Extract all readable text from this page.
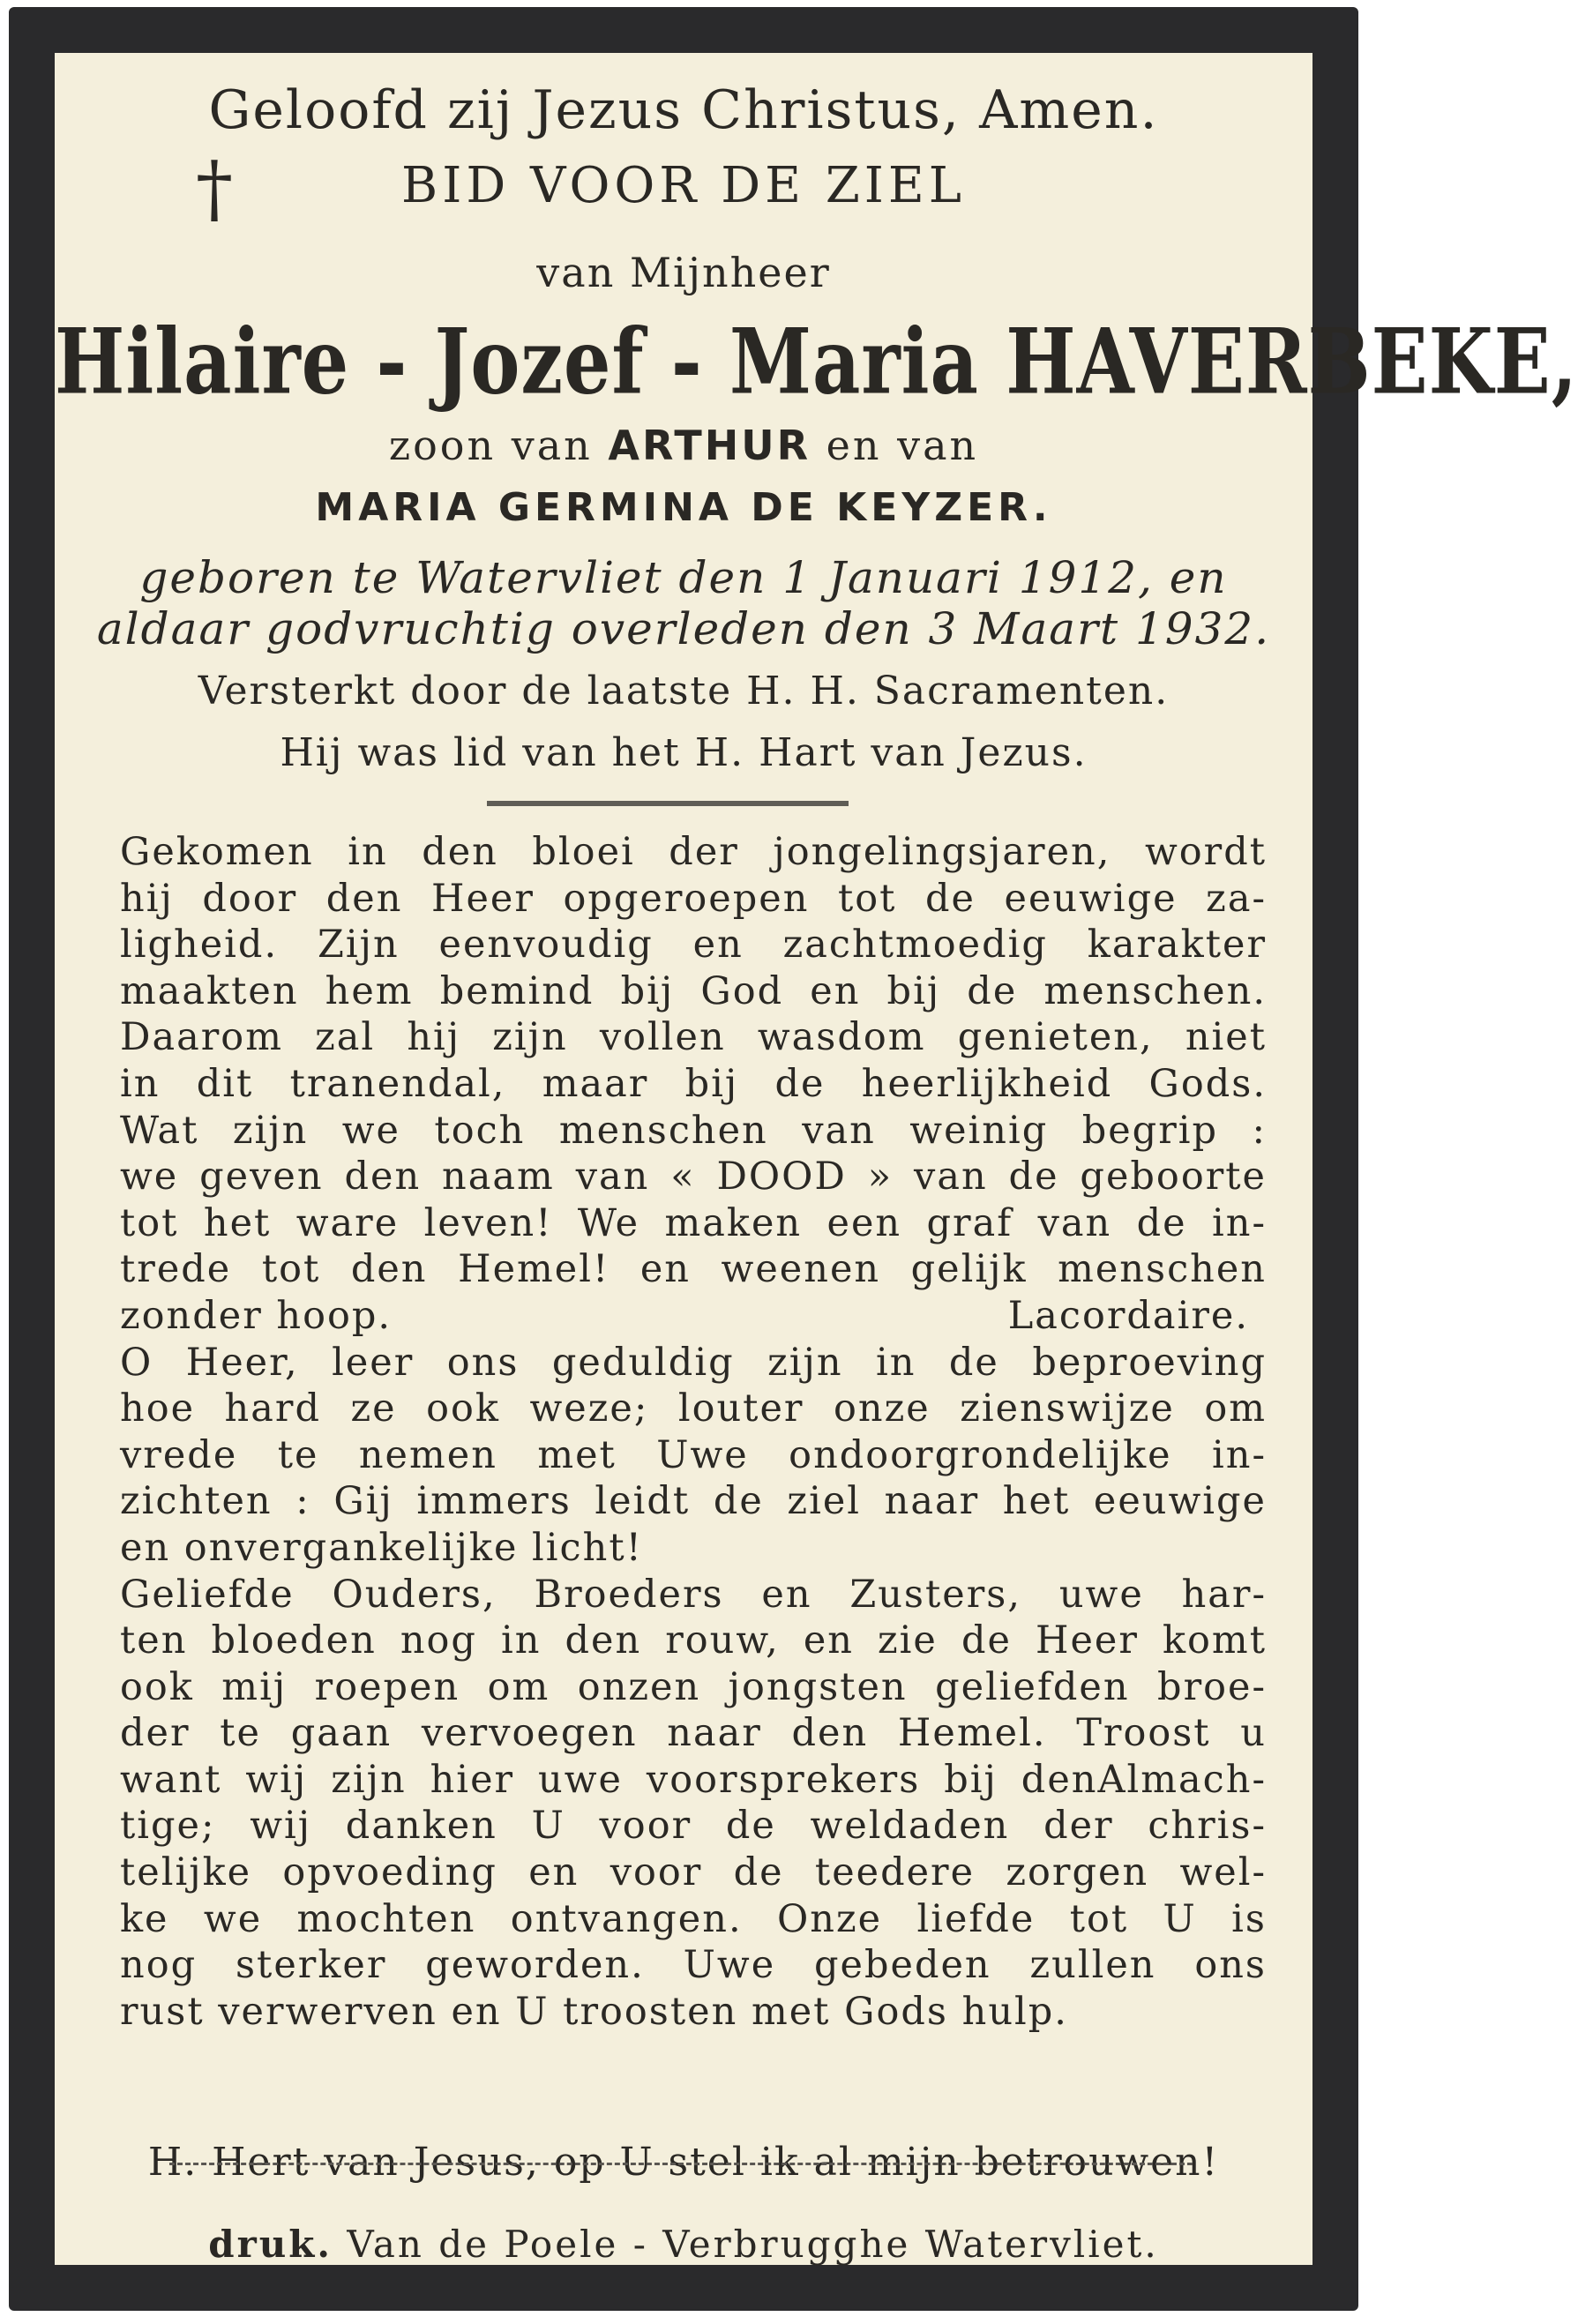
Geloofd zij Jezus Christus, Amen.

†	BID VOOR DE ZIEL

van Mijnheer

Hilaire - Jozef - Maria HAVERBEKE,

zoon van ARTHUR en van

MARIA GERMINA DE KEYZER.

geboren te Watervliet den 1 Januari 1912, en

aldaar godvruchtig overleden den 3 Maart 1932.

Versterkt door de laatste H. H. Sacramenten.

Hij was lid van het H. Hart van Jezus.

Gekomen in den bloei der jongelingsjaren, wordt
hij door den Heer opgeroepen tot de eeuwige za-
ligheid. Zijn eenvoudig en zachtmoedig karakter
maakten hem bemind bij God en bij de menschen.
Daarom zal hij zijn vollen wasdom genieten, niet
in dit tranendal, maar bij de heerlijkheid Gods.
Wat zijn we toch menschen van weinig begrip :
we geven den naam van « DOOD » van de geboorte
tot het ware leven! We maken een graf van de in-
trede tot den Hemel! en weenen gelijk menschen
zonder hoop.	Lacordaire.
O Heer, leer ons geduldig zijn in de beproeving
hoe hard ze ook weze; louter onze zienswijze om
vrede te nemen met Uwe ondoorgrondelijke in-
zichten : Gij immers leidt de ziel naar het eeuwige
en onvergankelijke licht!
Geliefde Ouders, Broeders en Zusters, uwe har-
ten bloeden nog in den rouw, en zie de Heer komt
ook mij roepen om onzen jongsten geliefden broe-
der te gaan vervoegen naar den Hemel. Troost u
want wij zijn hier uwe voorsprekers bij denAlmach-
tige; wij danken U voor de weldaden der chris-
telijke opvoeding en voor de teedere zorgen wel-
ke we mochten ontvangen. Onze liefde tot U is
nog sterker geworden. Uwe gebeden zullen ons
rust verwerven en U troosten met Gods hulp.

H. Hert van Jesus, op U stel ik al mijn betrouwen!

druk. Van de Poele - Verbrugghe Watervliet.
